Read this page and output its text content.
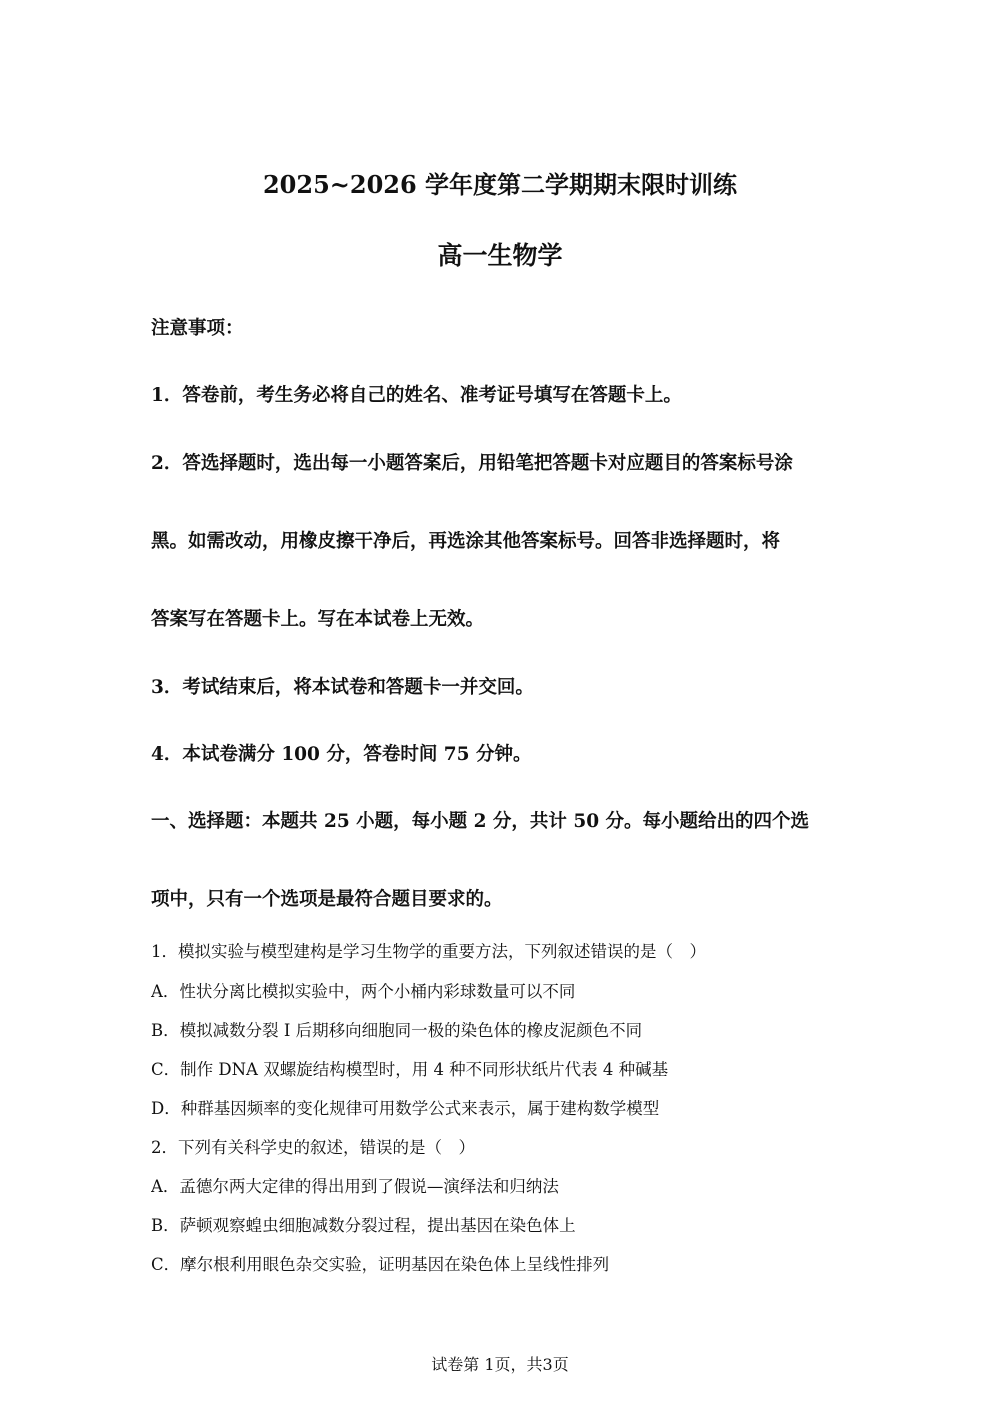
2025~2026 学年度第二学期期末限时训练
高一生物学
注意事项：
1．答卷前，考生务必将自己的姓名、准考证号填写在答题卡上。
2．答选择题时，选出每一小题答案后，用铅笔把答题卡对应题目的答案标号涂
黑。如需改动，用橡皮擦干净后，再选涂其他答案标号。回答非选择题时，将
答案写在答题卡上。写在本试卷上无效。
3．考试结束后，将本试卷和答题卡一并交回。
4．本试卷满分 100 分，答卷时间 75 分钟。
一、选择题：本题共 25 小题，每小题 2 分，共计 50 分。每小题给出的四个选
项中，只有一个选项是最符合题目要求的。
1．模拟实验与模型建构是学习生物学的重要方法，下列叙述错误的是（　）
A．性状分离比模拟实验中，两个小桶内彩球数量可以不同
B．模拟减数分裂 I 后期移向细胞同一极的染色体的橡皮泥颜色不同
C．制作 DNA 双螺旋结构模型时，用 4 种不同形状纸片代表 4 种碱基
D．种群基因频率的变化规律可用数学公式来表示，属于建构数学模型
2．下列有关科学史的叙述，错误的是（　）
A．孟德尔两大定律的得出用到了假说—演绎法和归纳法
B．萨顿观察蝗虫细胞减数分裂过程，提出基因在染色体上
C．摩尔根利用眼色杂交实验，证明基因在染色体上呈线性排列
试卷第 1页，共3页
